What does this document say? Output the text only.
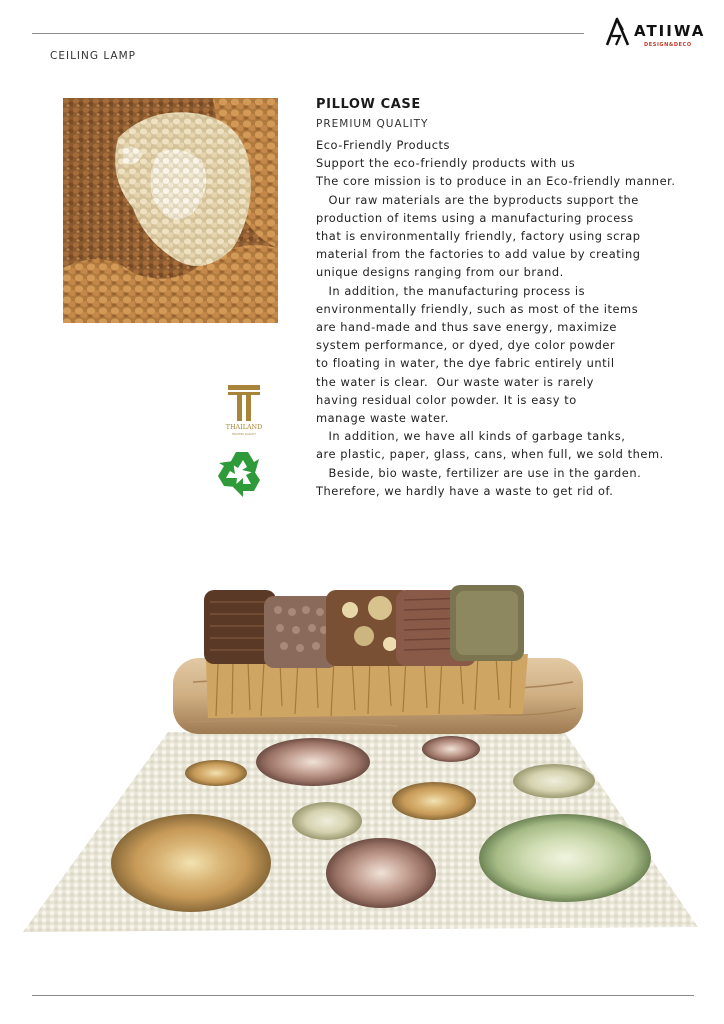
CEILING LAMP
ATIIWA
DESIGN&DECO
THAILAND
TRUSTED QUALITY
PILLOW CASE
PREMIUM QUALITY
Eco-Friendly Products
Support the eco-friendly products with us
The core mission is to produce in an Eco-friendly manner.
Our raw materials are the byproducts support the
production of items using a manufacturing process
that is environmentally friendly, factory using scrap
material from the factories to add value by creating
unique designs ranging from our brand.
In addition, the manufacturing process is
environmentally friendly, such as most of the items
are hand-made and thus save energy, maximize
system performance, or dyed, dye color powder
to floating in water, the dye fabric entirely until
the water is clear.  Our waste water is rarely
having residual color powder. It is easy to
manage waste water.
In addition, we have all kinds of garbage tanks,
are plastic, paper, glass, cans, when full, we sold them.
Beside, bio waste, fertilizer are use in the garden.
Therefore, we hardly have a waste to get rid of.
